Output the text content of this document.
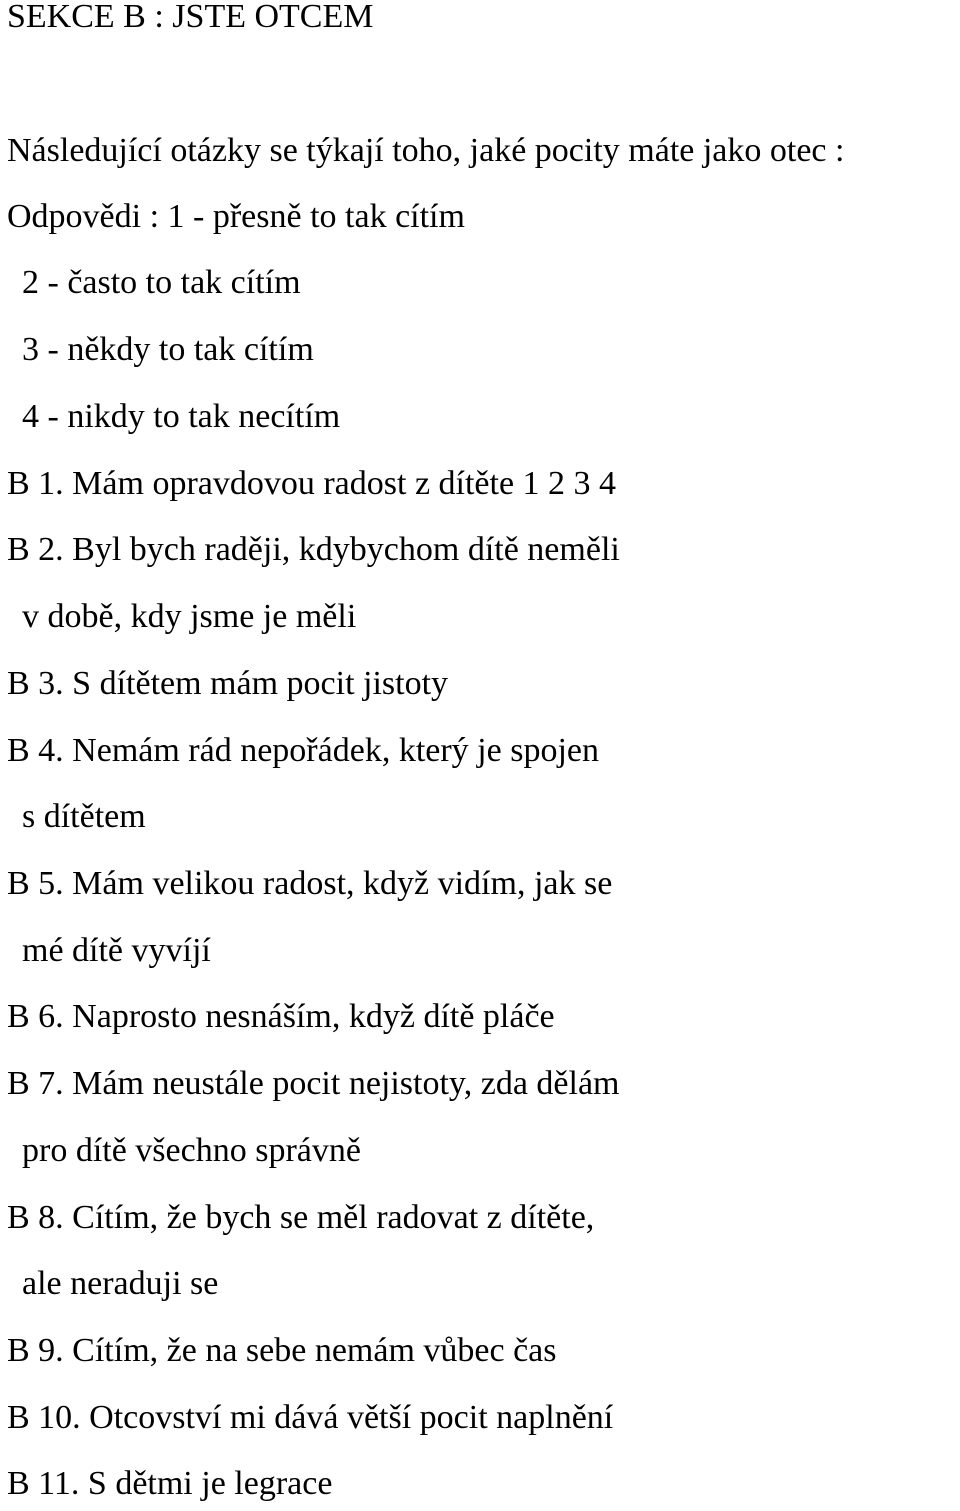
SEKCE B : JSTE OTCEM
Následující otázky se týkají toho, jaké pocity máte jako otec :
Odpovědi : 1 - přesně to tak cítím
2 - často to tak cítím
3 - někdy to tak cítím
4 - nikdy to tak necítím
B 1. Mám opravdovou radost z dítěte 1 2 3 4
B 2. Byl bych raději, kdybychom dítě neměli
v době, kdy jsme je měli
B 3. S dítětem mám pocit jistoty
B 4. Nemám rád nepořádek, který je spojen
s dítětem
B 5. Mám velikou radost, když vidím, jak se
mé dítě vyvíjí
B 6. Naprosto nesnáším, když dítě pláče
B 7. Mám neustále pocit nejistoty, zda dělám
pro dítě všechno správně
B 8. Cítím, že bych se měl radovat z dítěte,
ale neraduji se
B 9. Cítím, že na sebe nemám vůbec čas
B 10. Otcovství mi dává větší pocit naplnění
B 11. S dětmi je legrace
